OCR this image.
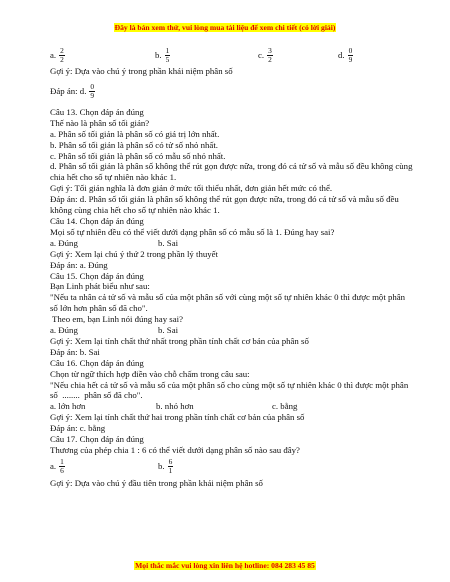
Đây là bản xem thử, vui lòng mua tài liệu để xem chi tiết (có lời giải)
a. $\frac{2}{2}$	b. $\frac{1}{5}$	c. $\frac{3}{2}$	d. $\frac{0}{9}$
Gợi ý: Dựa vào chú ý trong phần khái niệm phân số
Đáp án: d. $\frac{0}{9}$
Câu 13. Chọn đáp án đúng
Thế nào là phân số tối giản?
a. Phân số tối giản là phân số có giá trị lớn nhất.
b. Phân số tối giản là phân số có tử số nhỏ nhất.
c. Phân số tối giản là phân số có mẫu số nhỏ nhất.
d. Phân số tối giản là phân số không thể rút gọn được nữa, trong đó cả tử số và mẫu số đều không cùng chia hết cho số tự nhiên nào khác 1.
Gợi ý: Tối giản nghĩa là đơn giản ở mức tối thiểu nhất, đơn giản hết mức có thể.
Đáp án: d. Phân số tối giản là phân số không thể rút gọn được nữa, trong đó cả tử số và mẫu số đều không cùng chia hết cho số tự nhiên nào khác 1.
Câu 14. Chọn đáp án đúng
Mọi số tự nhiên đều có thể viết dưới dạng phân số có mẫu số là 1. Đúng hay sai?
a. Đúng	b. Sai
Gợi ý: Xem lại chú ý thứ 2 trong phần lý thuyết
Đáp án: a. Đúng
Câu 15. Chọn đáp án đúng
Bạn Linh phát biểu như sau:
"Nếu ta nhân cả tử số và mẫu số của một phân số với cùng một số tự nhiên khác 0 thì được một phân số lớn hơn phân số đã cho".
Theo em, bạn Linh nói đúng hay sai?
a. Đúng	b. Sai
Gợi ý: Xem lại tính chất thứ nhất trong phần tính chất cơ bản của phân số
Đáp án: b. Sai
Câu 16. Chọn đáp án đúng
Chọn từ ngữ thích hợp điền vào chỗ chấm trong câu sau:
"Nếu chia hết cả tử số và mẫu số của một phân số cho cùng một số tự nhiên khác 0 thì được một phân số  ........  phân số đã cho".
a. lớn hơn	b. nhỏ hơn	c. bằng
Gợi ý: Xem lại tính chất thứ hai trong phần tính chất cơ bản của phân số
Đáp án: c. bằng
Câu 17. Chọn đáp án đúng
Thương của phép chia 1 : 6 có thể viết dưới dạng phân số nào sau đây?
a. $\frac{1}{6}$	b. $\frac{6}{1}$
Gợi ý: Dựa vào chú ý đầu tiên trong phần khái niệm phân số
Mọi thắc mắc vui lòng xin liên hệ hotline: 084 283 45 85
